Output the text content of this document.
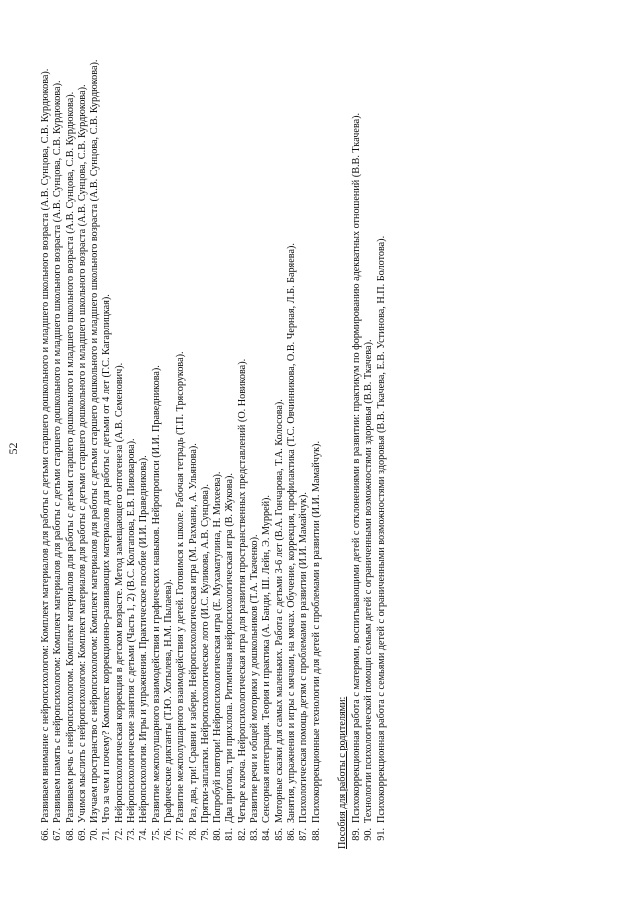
52
66.
Развиваем внимание с нейропсихологом: Комплект материалов для работы с детьми старшего дошкольного и младшего школьного возраста (А.В. Сунцова, С.В. Курдюкова).
67.
Развиваем память с нейропсихологом: Комплект материалов для работы с детьми старшего дошкольного и младшего школьного возраста (А.В. Сунцова, С.В. Курдюкова).
68.
Развиваем речь с нейропсихологом. Комплект материалов для работы с детьми старшего дошкольного и младшего школьного возраста (А.В. Сунцова, С.В. Курдюкова).
69.
Учимся мыслить с нейропсихологом: Комплект материалов для работы с детьми старшего дошкольного и младшего школьного возраста (А.В. Сунцова, С.В. Курдюкова).
70.
Изучаем пространство с нейропсихологом: Комплект материалов для работы с детьми старшего дошкольного и младшего школьного возраста (А.В. Сунцова, С.В. Курдюкова).
71.
Что за чем и почему? Комплект коррекционно-развивающих материалов для работы с детьми от 4 лет (Г.С. Кагарлицкая).
72.
Нейропсихологическая коррекция в детском возрасте. Метод замещающего онтогенеза (А.В. Семенович).
73.
Нейропсихологические занятия с детьми (Часть 1, 2) (В.С. Колгапова, Е.В. Пивоварова).
74.
Нейропсихология. Игры и упражнения. Практическое пособие (И.И. Праведникова).
75.
Развитие межполушарного взаимодействия и графических навыков. Нейропрописи (И.И. Праведникова).
76.
Графические диктанты (Т.Ю. Хотылева, Н.М. Пылаева).
77.
Развитие межполушарного взаимодействия у детей. Готовимся к школе. Рабочая тетрадь (Т.П. Трясорукова).
78.
Раз, два, три! Сравни и забери. Нейропсихологическая игра (М. Рахмани, А. Ульянова).
79.
Прятки-заплатки. Нейропсихологическое лото (И.С. Куликова, А.В. Сунцова).
80.
Попробуй повтори! Нейропсихологическая игра (Е. Мухаматулина, Н. Михеева).
81.
Два притопа, три прихлопа. Ритмичная нейропсихологическая игра (В. Жукова).
82.
Четыре ключа. Нейропсихологическая игра для развития пространственных представлений (О. Новикова).
83.
Развитие речи и общей моторики у дошкольников (Т.А. Ткаченко).
84.
Сенсорная интеграция. Теория и практика (А. Банди, Ш. Лейн, Э. Муррей).
85.
Моторные сказки для самых маленьких. Работа с детьми 3-6 лет (В.А. Гончарова, Т.А. Колосова).
86.
Занятия, упражнения и игры с мячами, на мячах. Обучение, коррекция, профилактика (Т.С. Овчинникова, О.В. Черная, Л.Б. Баряева).
87.
Психологическая помощь детям с проблемами в развитии (И.И. Мамайчук).
88.
Психокоррекционные технологии для детей с проблемами в развитии (И.И. Мамайчук). Пособия для работы с родителями: 89.
Психокоррекционная работа с матерями, воспитывающими детей с отклонениями в развитии: практикум по формированию адекватных отношений (В.В. Ткачева).
90.
Технологии психологической помощи семьям детей с ограниченными возможностями здоровья (В.В. Ткачева).
91.
Психокоррекционная работа с семьями детей с ограниченными возможностями здоровья (В.В. Ткачева, Е.В. Устинова, Н.П. Болотова).
